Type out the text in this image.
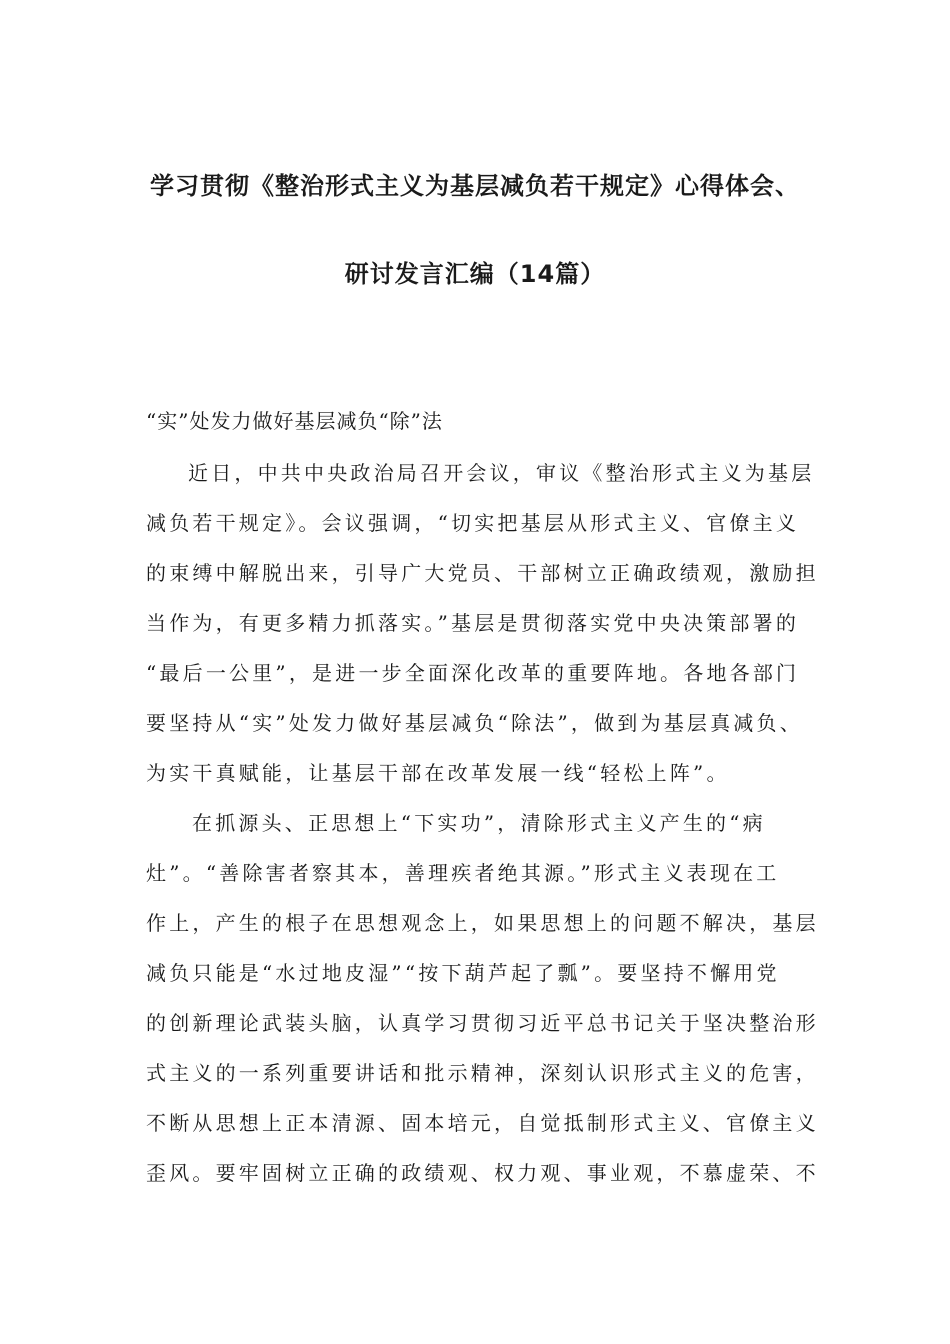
学习贯彻《整治形式主义为基层减负若干规定》心得体会、
研讨发言汇编（14篇）
“实”处发力做好基层减负“除”法
近日，中共中央政治局召开会议，审议《整治形式主义为基层
减负若干规定》。会议强调，“切实把基层从形式主义、官僚主义
的束缚中解脱出来，引导广大党员、干部树立正确政绩观，激励担
当作为，有更多精力抓落实。”基层是贯彻落实党中央决策部署的
“最后一公里”，是进一步全面深化改革的重要阵地。各地各部门
要坚持从“实”处发力做好基层减负“除法”，做到为基层真减负、
为实干真赋能，让基层干部在改革发展一线“轻松上阵”。
在抓源头、正思想上“下实功”，清除形式主义产生的“病
灶”。“善除害者察其本，善理疾者绝其源。”形式主义表现在工
作上，产生的根子在思想观念上，如果思想上的问题不解决，基层
减负只能是“水过地皮湿”“按下葫芦起了瓢”。要坚持不懈用党
的创新理论武装头脑，认真学习贯彻习近平总书记关于坚决整治形
式主义的一系列重要讲话和批示精神，深刻认识形式主义的危害，
不断从思想上正本清源、固本培元，自觉抵制形式主义、官僚主义
歪风。要牢固树立正确的政绩观、权力观、事业观，不慕虚荣、不
